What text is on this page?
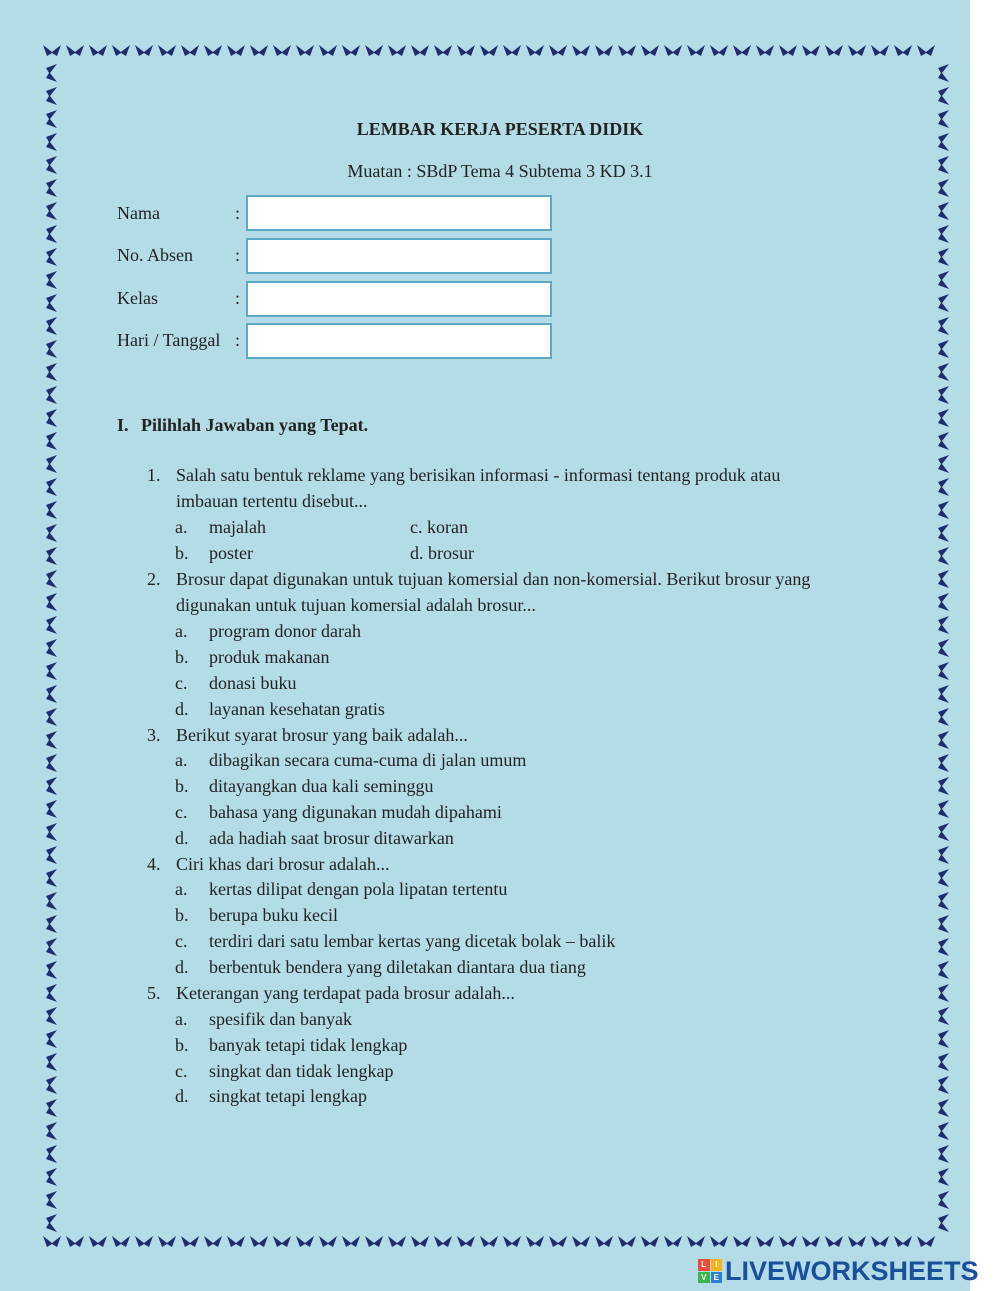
LEMBAR KERJA PESERTA DIDIK
Muatan : SBdP Tema 4 Subtema 3 KD 3.1
Nama	:
No. Absen :
Kelas	:
Hari / Tanggal :
I. Pilihlah Jawaban yang Tepat.
1. Salah satu bentuk reklame yang berisikan informasi - informasi tentang produk atau
imbauan tertentu disebut...
a. majalah	c. koran
b. poster	d. brosur
2. Brosur dapat digunakan untuk tujuan komersial dan non-komersial. Berikut brosur yang
digunakan untuk tujuan komersial adalah brosur...
a. program donor darah
b. produk makanan
c. donasi buku
d. layanan kesehatan gratis
3. Berikut syarat brosur yang baik adalah...
a. dibagikan secara cuma-cuma di jalan umum
b. ditayangkan dua kali seminggu
c. bahasa yang digunakan mudah dipahami
d. ada hadiah saat brosur ditawarkan
4. Ciri khas dari brosur adalah...
a. kertas dilipat dengan pola lipatan tertentu
b. berupa buku kecil
c. terdiri dari satu lembar kertas yang dicetak bolak – balik
d. berbentuk bendera yang diletakan diantara dua tiang
5. Keterangan yang terdapat pada brosur adalah...
a. spesifik dan banyak
b. banyak tetapi tidak lengkap
c. singkat dan tidak lengkap
d. singkat tetapi lengkap
L	I
V E LIVEWORKSHEETS
